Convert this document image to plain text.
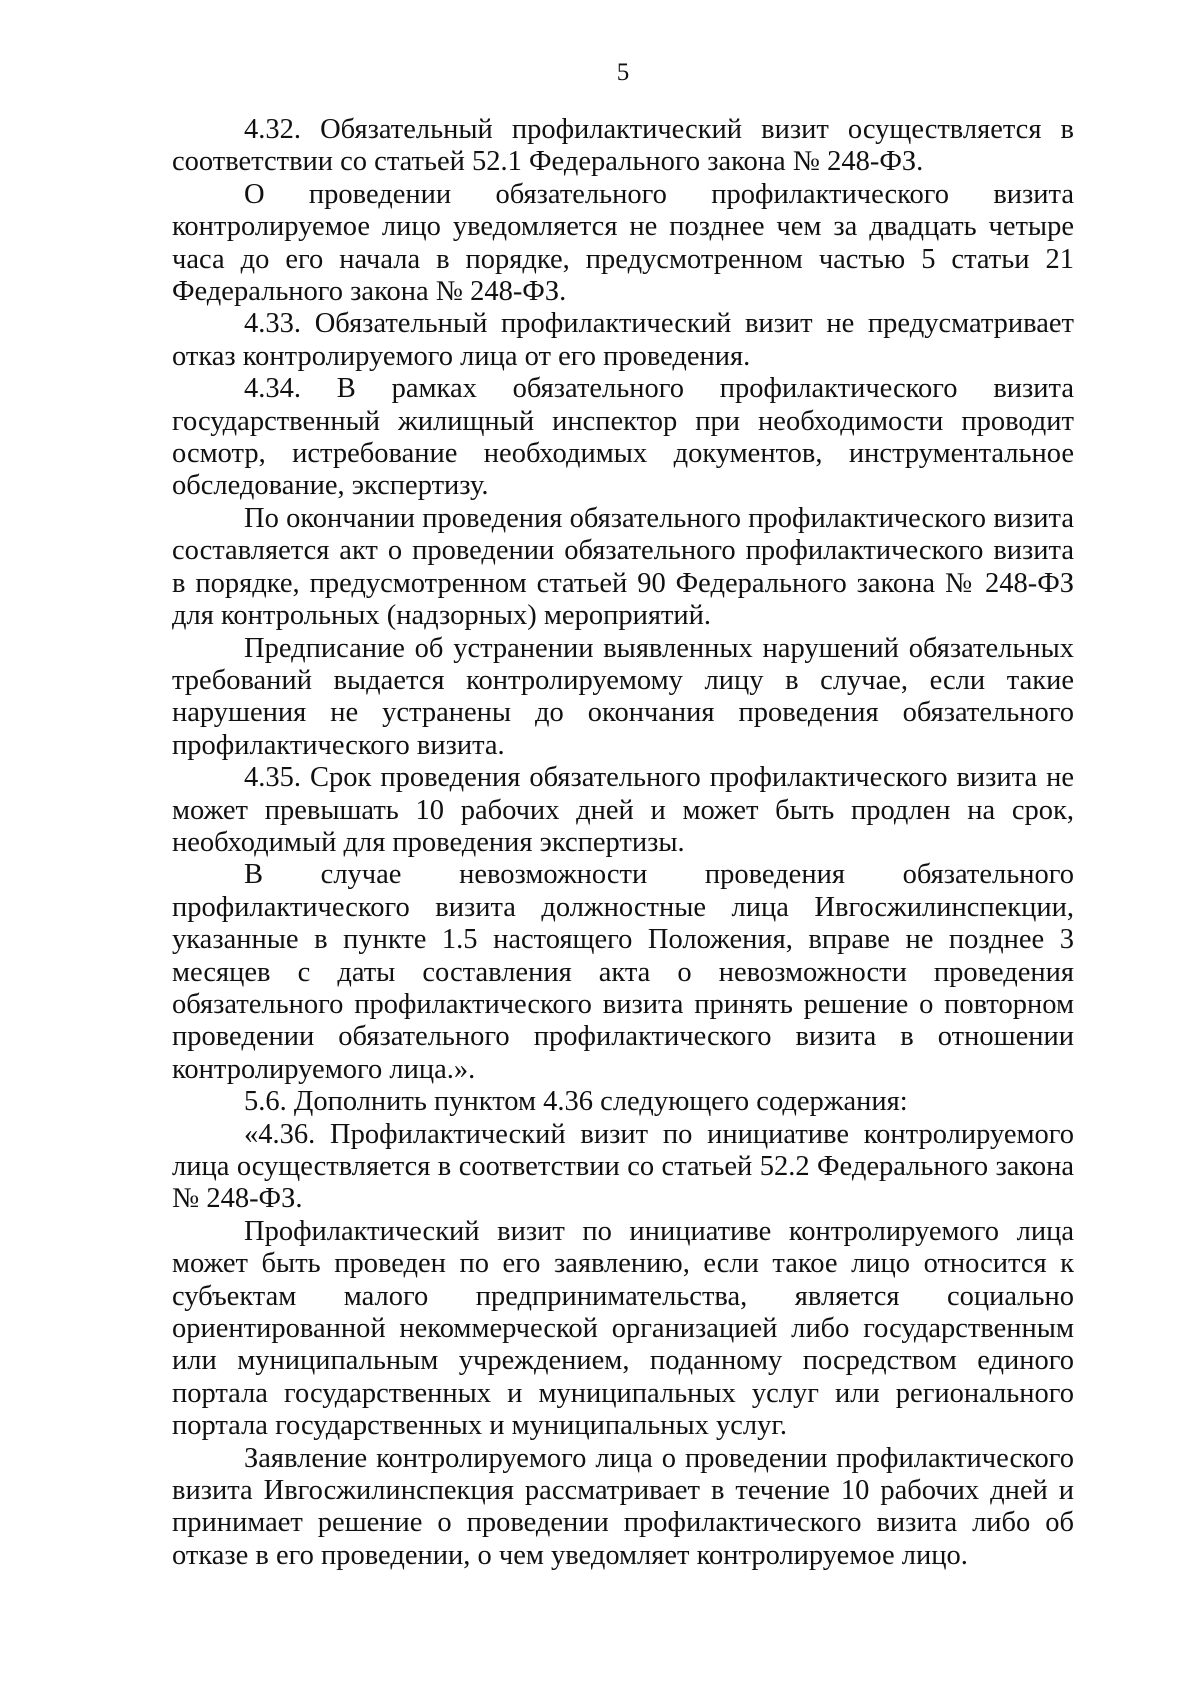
5

4.32. Обязательный профилактический визит осуществляется в соответствии со статьей 52.1 Федерального закона № 248-ФЗ.

О проведении обязательного профилактического визита контролируемое лицо уведомляется не позднее чем за двадцать четыре часа до его начала в порядке, предусмотренном частью 5 статьи 21 Федерального закона № 248-ФЗ.

4.33. Обязательный профилактический визит не предусматривает отказ контролируемого лица от его проведения.

4.34. В рамках обязательного профилактического визита государственный жилищный инспектор при необходимости проводит осмотр, истребование необходимых документов, инструментальное обследование, экспертизу.

По окончании проведения обязательного профилактического визита составляется акт о проведении обязательного профилактического визита в порядке, предусмотренном статьей 90 Федерального закона № 248-ФЗ для контрольных (надзорных) мероприятий.

Предписание об устранении выявленных нарушений обязательных требований выдается контролируемому лицу в случае, если такие нарушения не устранены до окончания проведения обязательного профилактического визита.

4.35. Срок проведения обязательного профилактического визита не может превышать 10 рабочих дней и может быть продлен на срок, необходимый для проведения экспертизы.

В случае невозможности проведения обязательного профилактического визита должностные лица Ивгосжилинспекции, указанные в пункте 1.5 настоящего Положения, вправе не позднее 3 месяцев с даты составления акта о невозможности проведения обязательного профилактического визита принять решение о повторном проведении обязательного профилактического визита в отношении контролируемого лица.».

5.6. Дополнить пунктом 4.36 следующего содержания:

«4.36. Профилактический визит по инициативе контролируемого лица осуществляется в соответствии со статьей 52.2 Федерального закона № 248-ФЗ.

Профилактический визит по инициативе контролируемого лица может быть проведен по его заявлению, если такое лицо относится к субъектам малого предпринимательства, является социально ориентированной некоммерческой организацией либо государственным или муниципальным учреждением, поданному посредством единого портала государственных и муниципальных услуг или регионального портала государственных и муниципальных услуг.

Заявление контролируемого лица о проведении профилактического визита Ивгосжилинспекция рассматривает в течение 10 рабочих дней и принимает решение о проведении профилактического визита либо об отказе в его проведении, о чем уведомляет контролируемое лицо.
